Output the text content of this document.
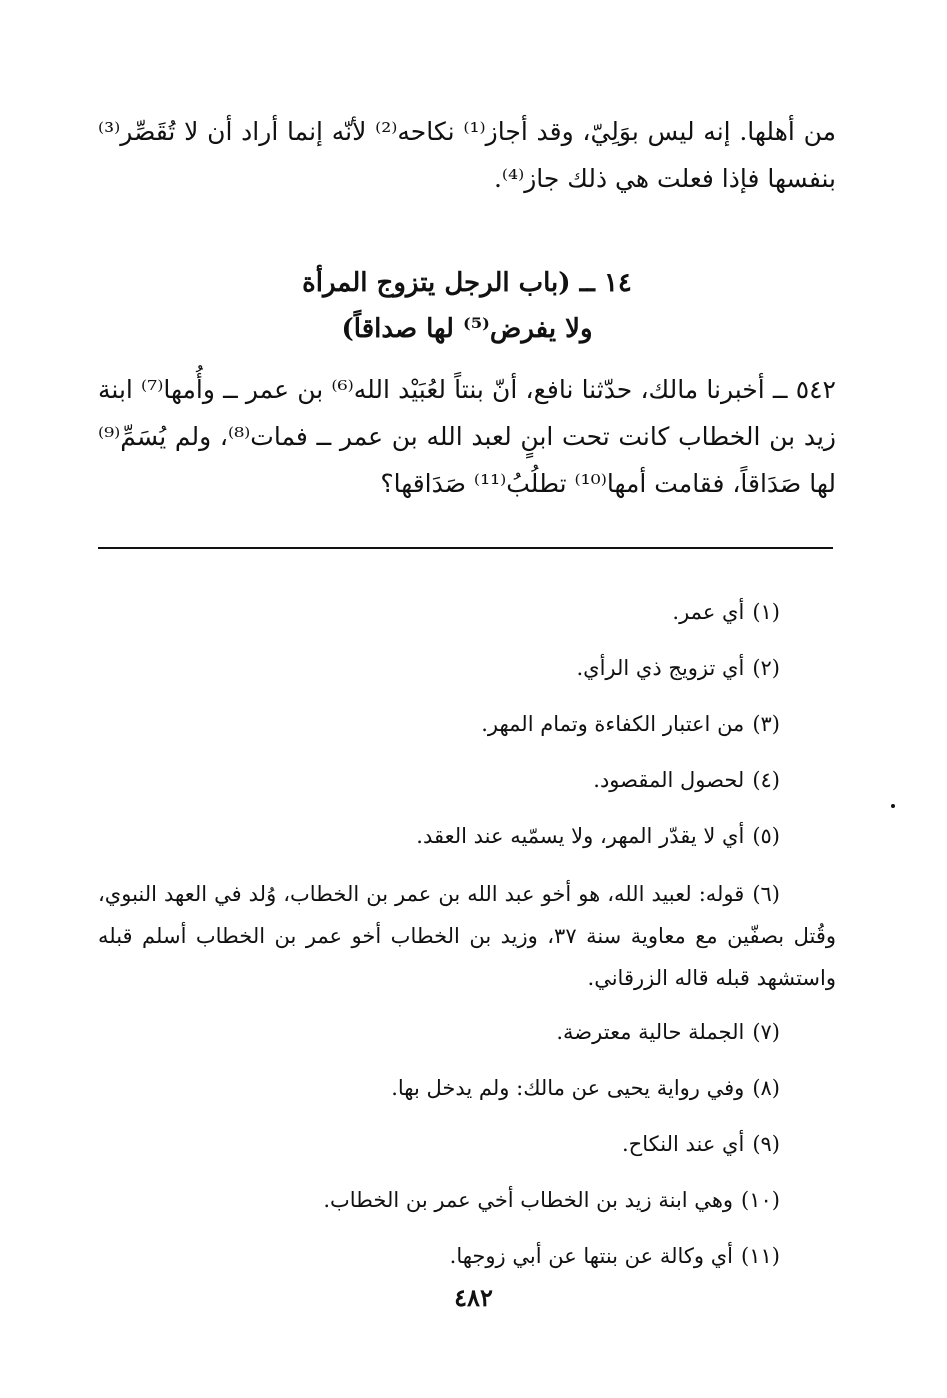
من أهلها. إنه ليس بوَلِيّ، وقد أجاز⁽¹⁾ نكاحه⁽²⁾ لأنّه إنما أراد أن لا تُقَصِّر⁽³⁾ بنفسها فإذا فعلت هي ذلك جاز⁽⁴⁾.

١٤ ــ (باب الرجل يتزوج المرأة
ولا يفرض⁽⁵⁾ لها صداقاً)

٥٤٢ ــ أخبرنا مالك، حدّثنا نافع، أنّ بنتاً لعُبَيْد الله⁽⁶⁾ بن عمر ــ وأُمها⁽⁷⁾ ابنة زيد بن الخطاب كانت تحت ابنٍ لعبد الله بن عمر ــ فمات⁽⁸⁾، ولم يُسَمِّ⁽⁹⁾ لها صَدَاقاً، فقامت أمها⁽¹⁰⁾ تطلُبُ⁽¹¹⁾ صَدَاقها؟

(١)أي عمر.

(٢)أي تزويج ذي الرأي.

(٣)من اعتبار الكفاءة وتمام المهر.

(٤)لحصول المقصود.

(٥)أي لا يقدّر المهر، ولا يسمّيه عند العقد.

(٦)قوله: لعبيد الله، هو أخو عبد الله بن عمر بن الخطاب، وُلد في العهد النبوي، وقُتل بصفّين مع معاوية سنة ٣٧، وزيد بن الخطاب أخو عمر بن الخطاب أسلم قبله واستشهد قبله قاله الزرقاني.

(٧)الجملة حالية معترضة.

(٨)وفي رواية يحيى عن مالك: ولم يدخل بها.

(٩)أي عند النكاح.

(١٠)وهي ابنة زيد بن الخطاب أخي عمر بن الخطاب.

(١١)أي وكالة عن بنتها عن أبي زوجها.

٤٨٢
